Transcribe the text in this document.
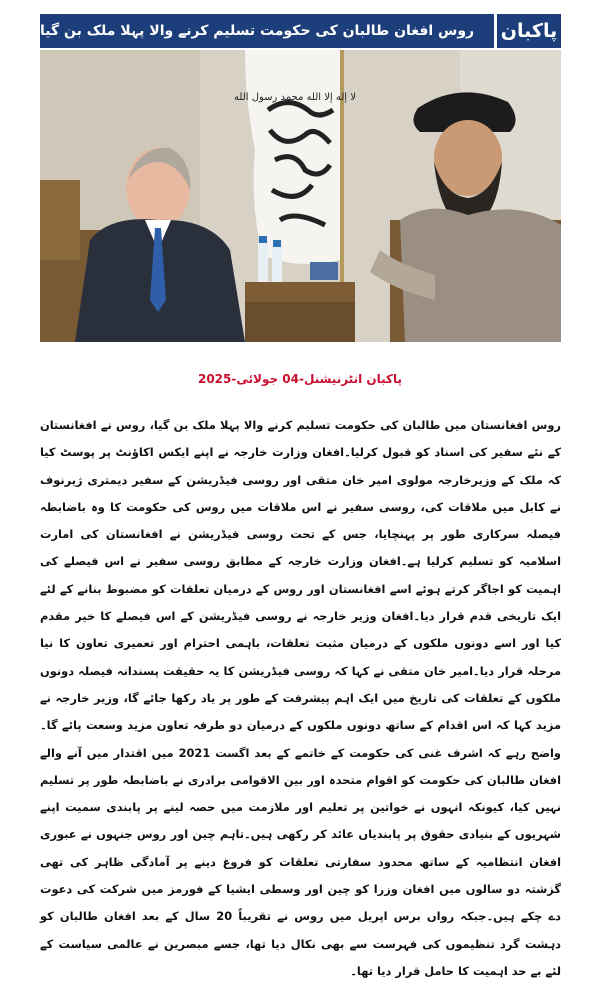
روس افغان طالبان کی حکومت تسلیم کرنے والا پہلا ملک بن گیا پاکبان
لا إله إلا الله محمد رسول الله
پاکبان انٹرنیشنل-04 جولائی-2025

روس افغانستان میں طالبان کی حکومت تسلیم کرنے والا پہلا ملک بن گیا، روس نے افغانستان کے نئے سفیر کی اسناد کو قبول کرلیا۔افغان وزارت خارجہ نے اپنے ایکس اکاؤنٹ پر پوسٹ کیا کہ ملک کے وزیرخارجہ مولوی امیر خان متقی اور روسی فیڈریشن کے سفیر دیمتری ژیرنوف نے کابل میں ملاقات کی، روسی سفیر نے اس ملاقات میں روس کی حکومت کا وہ باضابطہ فیصلہ سرکاری طور پر پہنچایا، جس کے تحت روسی فیڈریشن نے افغانستان کی امارت اسلامیہ کو تسلیم کرلیا ہے۔افغان وزارت خارجہ کے مطابق روسی سفیر نے اس فیصلے کی اہمیت کو اجاگر کرتے ہوئے اسے افغانستان اور روس کے درمیان تعلقات کو مضبوط بنانے کے لئے ایک تاریخی قدم قرار دیا۔افغان وزیر خارجہ نے روسی فیڈریشن کے اس فیصلے کا خیر مقدم کیا اور اسے دونوں ملکوں کے درمیان مثبت تعلقات، باہمی احترام اور تعمیری تعاون کا نیا مرحلہ قرار دیا۔امیر خان متقی نے کہا کہ روسی فیڈریشن کا یہ حقیقت پسندانہ فیصلہ دونوں ملکوں کے تعلقات کی تاریخ میں ایک اہم پیشرفت کے طور پر یاد رکھا جائے گا، وزیر خارجہ نے مزید کہا کہ اس اقدام کے ساتھ دونوں ملکوں کے درمیان دو طرفہ تعاون مزید وسعت پائے گا۔واضح رہے کہ اشرف غنی کی حکومت کے خاتمے کے بعد اگست 2021 میں اقتدار میں آنے والے افغان طالبان کی حکومت کو اقوام متحدہ اور بین الاقوامی برادری نے باضابطہ طور پر تسلیم نہیں کیا، کیونکہ انہوں نے خواتین پر تعلیم اور ملازمت میں حصہ لینے پر پابندی سمیت اپنے شہریوں کے بنیادی حقوق پر پابندیاں عائد کر رکھی ہیں۔تاہم چین اور روس جنہوں نے عبوری افغان انتظامیہ کے ساتھ محدود سفارتی تعلقات کو فروغ دینے پر آمادگی ظاہر کی تھی گزشتہ دو سالوں میں افغان وزرا کو چین اور وسطی ایشیا کے فورمز میں شرکت کی دعوت دے چکے ہیں۔جبکہ رواں برس اپریل میں روس نے تقریباً 20 سال کے بعد افغان طالبان کو دہشت گرد تنظیموں کی فہرست سے بھی نکال دیا تھا، جسے مبصرین نے عالمی سیاست کے لئے بے حد اہمیت کا حامل قرار دیا تھا۔
